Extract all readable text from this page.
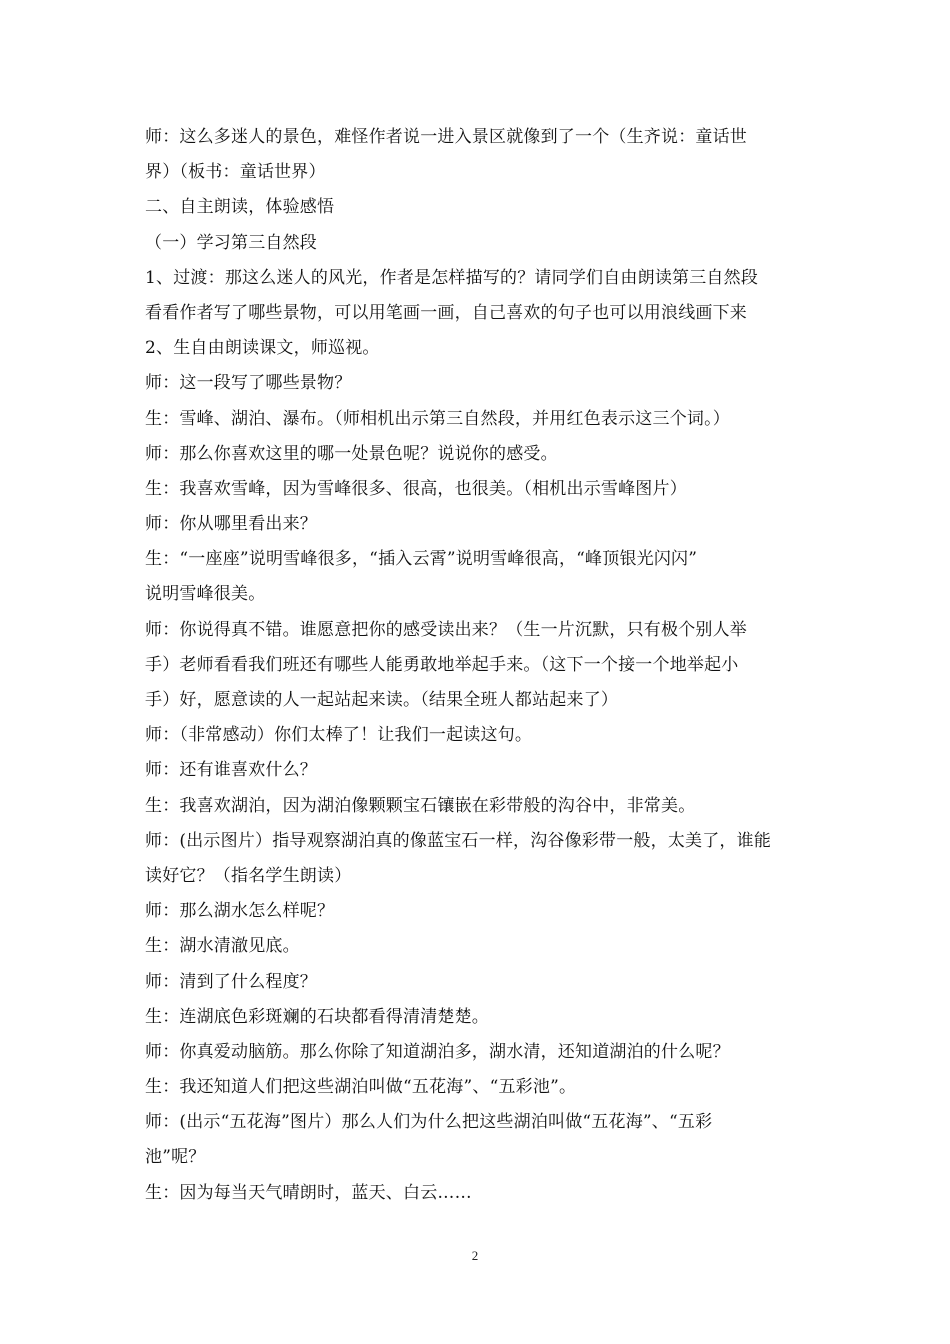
师：这么多迷人的景色，难怪作者说一进入景区就像到了一个（生齐说：童话世
界）（板书：童话世界）
二、自主朗读，体验感悟
（一）学习第三自然段
1、过渡：那这么迷人的风光，作者是怎样描写的？请同学们自由朗读第三自然段
看看作者写了哪些景物，可以用笔画一画，自己喜欢的句子也可以用浪线画下来
2、生自由朗读课文，师巡视。
师：这一段写了哪些景物？
生：雪峰、湖泊、瀑布。（师相机出示第三自然段，并用红色表示这三个词。）
师：那么你喜欢这里的哪一处景色呢？说说你的感受。
生：我喜欢雪峰，因为雪峰很多、很高，也很美。（相机出示雪峰图片）
师：你从哪里看出来？
生：“一座座”说明雪峰很多，“插入云霄”说明雪峰很高，“峰顶银光闪闪”
说明雪峰很美。
师：你说得真不错。谁愿意把你的感受读出来？（生一片沉默，只有极个别人举
手）老师看看我们班还有哪些人能勇敢地举起手来。（这下一个接一个地举起小
手）好，愿意读的人一起站起来读。（结果全班人都站起来了）
师：（非常感动）你们太棒了！让我们一起读这句。
师：还有谁喜欢什么？
生：我喜欢湖泊，因为湖泊像颗颗宝石镶嵌在彩带般的沟谷中，非常美。
师：(出示图片）指导观察湖泊真的像蓝宝石一样，沟谷像彩带一般，太美了，谁能
读好它？（指名学生朗读）
师：那么湖水怎么样呢？
生：湖水清澈见底。
师：清到了什么程度？
生：连湖底色彩斑斓的石块都看得清清楚楚。
师：你真爱动脑筋。那么你除了知道湖泊多，湖水清，还知道湖泊的什么呢？
生：我还知道人们把这些湖泊叫做“五花海”、“五彩池”。
师：(出示“五花海”图片）那么人们为什么把这些湖泊叫做“五花海”、“五彩
池”呢？
生：因为每当天气晴朗时，蓝天、白云……
2
